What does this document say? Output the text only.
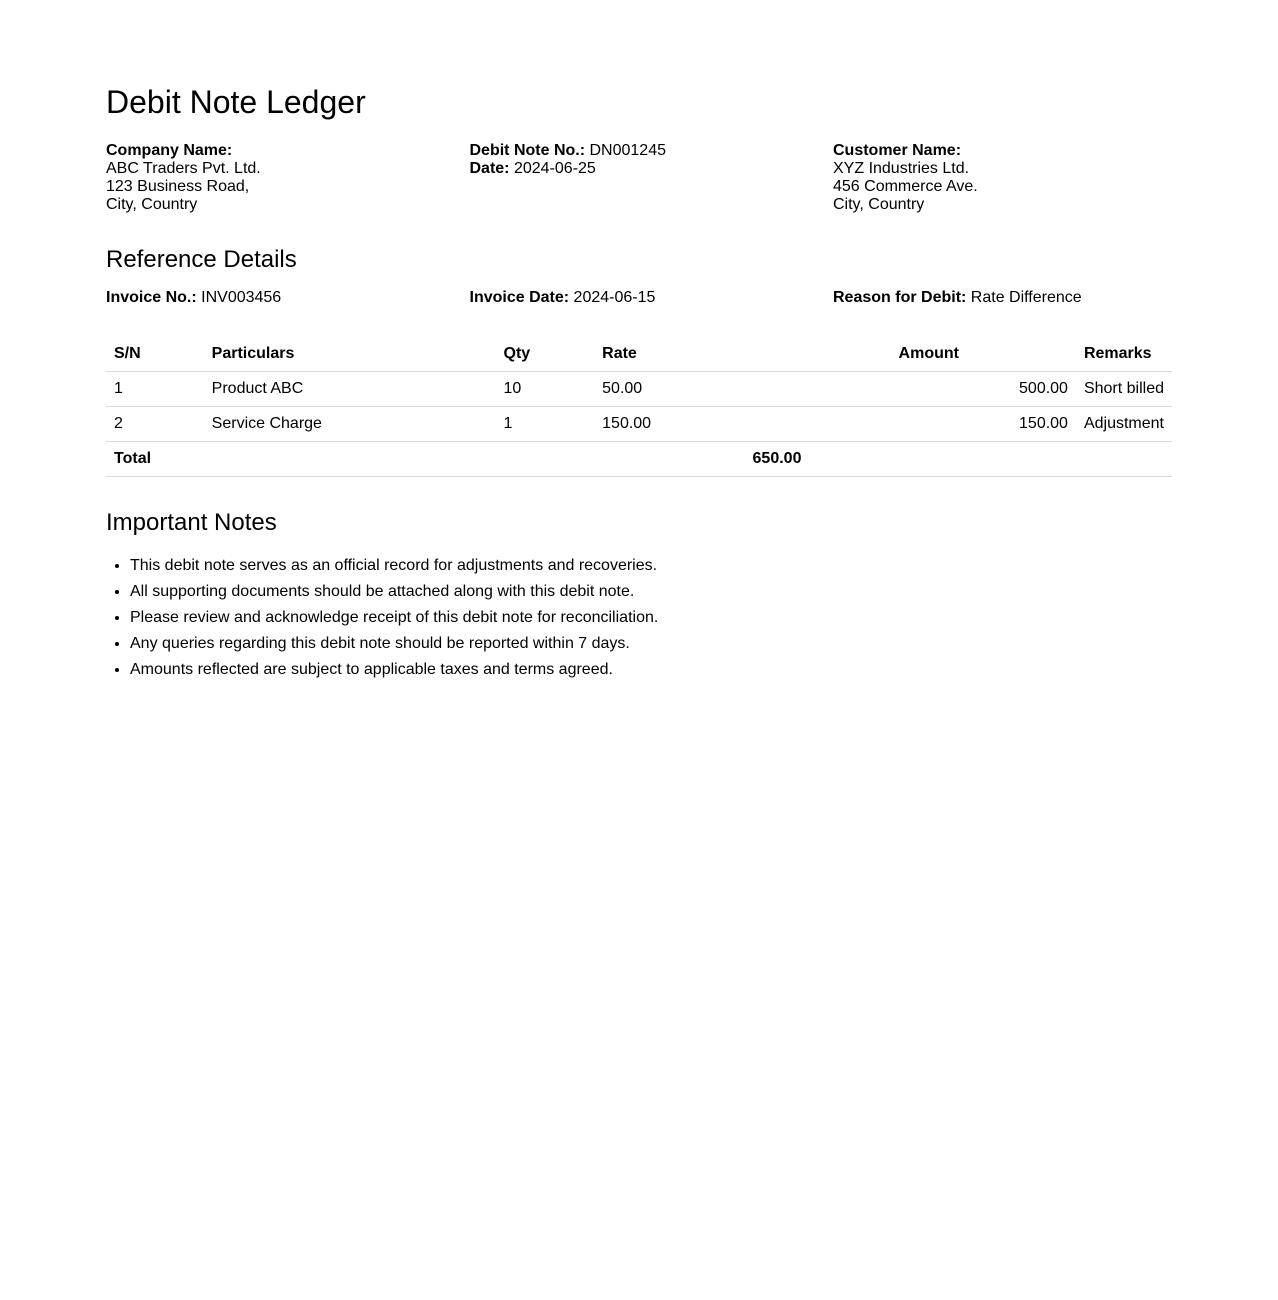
Debit Note Ledger
Company Name:
ABC Traders Pvt. Ltd.
123 Business Road,
City, Country
Debit Note No.: DN001245
Date: 2024-06-25
Customer Name:
XYZ Industries Ltd.
456 Commerce Ave.
City, Country
Reference Details
Invoice No.: INV003456	Invoice Date: 2024-06-15	Reason for Debit: Rate Difference
S/N	Particulars	Qty	Rate	Amount	Remarks
1	Product ABC	10	50.00	500.00	Short billed
2	Service Charge	1	150.00	150.00	Adjustment
Total				650.00	
Important Notes
• This debit note serves as an official record for adjustments and recoveries.
• All supporting documents should be attached along with this debit note.
• Please review and acknowledge receipt of this debit note for reconciliation.
• Any queries regarding this debit note should be reported within 7 days.
• Amounts reflected are subject to applicable taxes and terms agreed.
